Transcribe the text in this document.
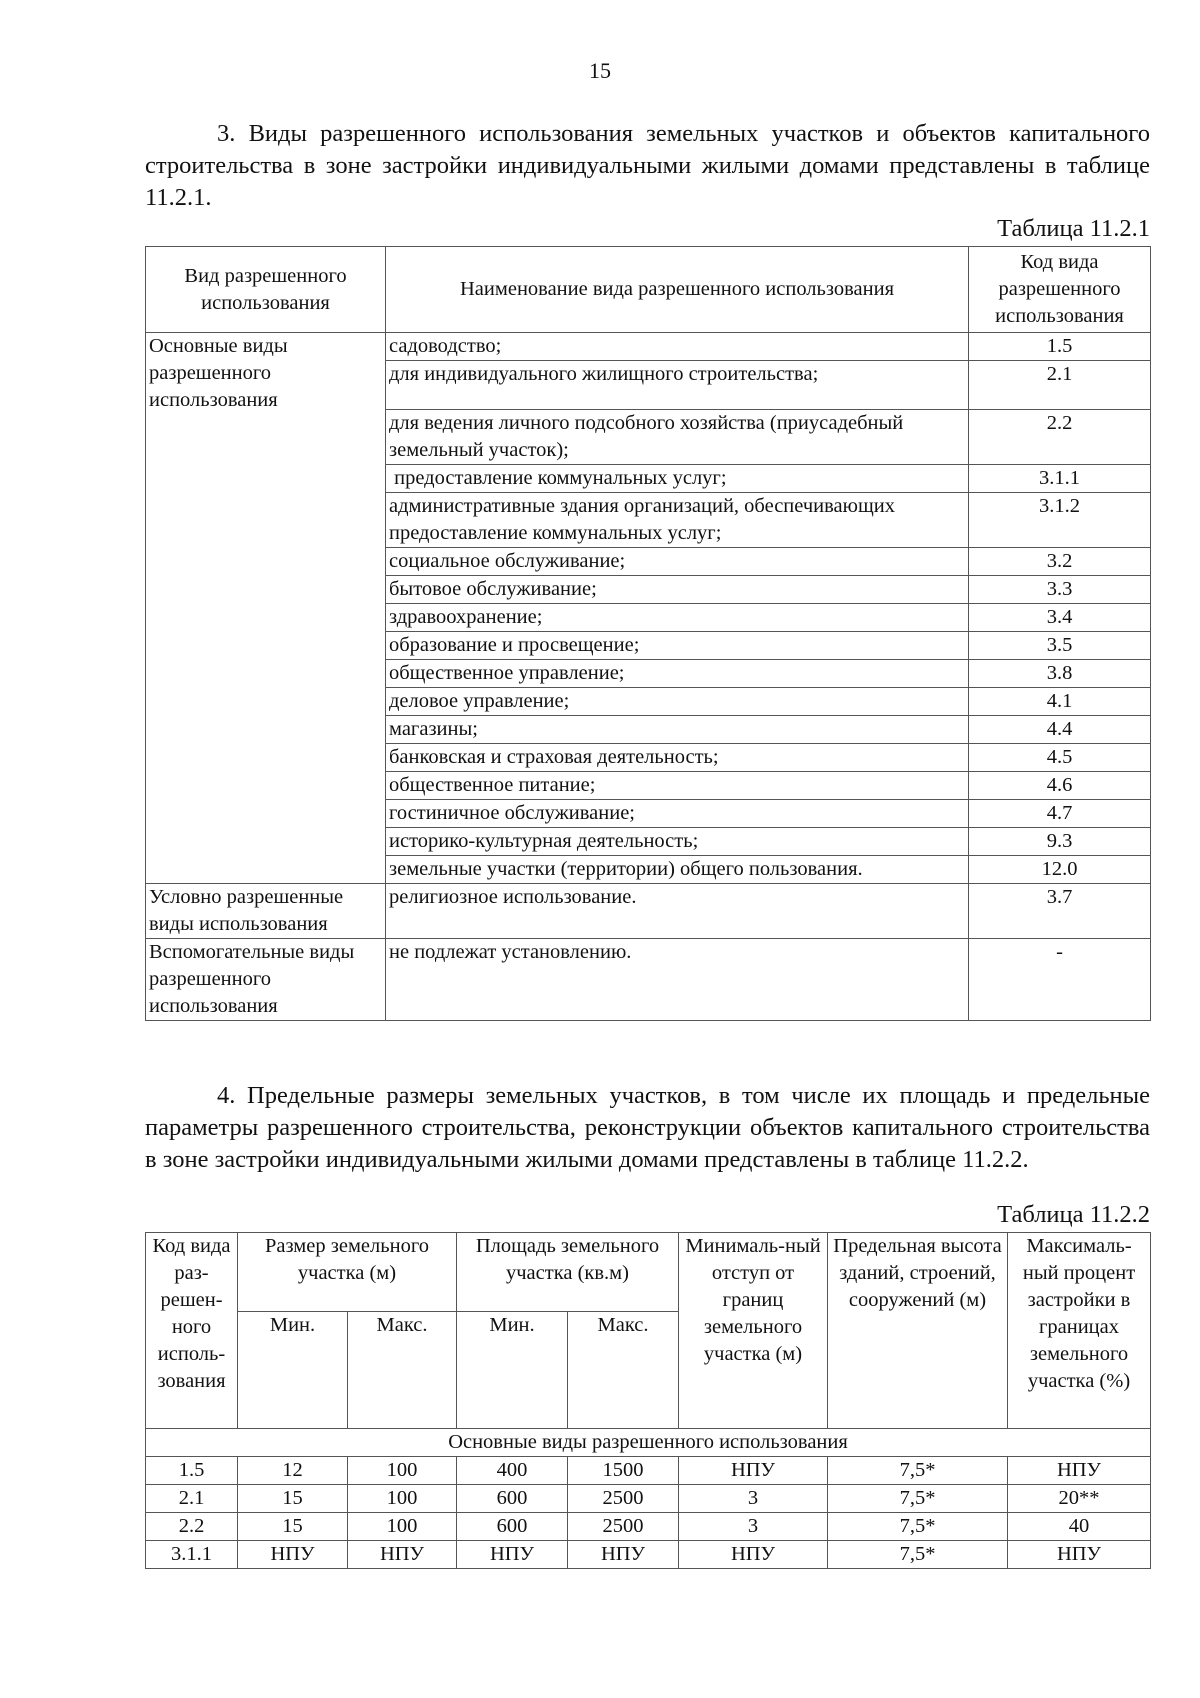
15
3. Виды разрешенного использования земельных участков и объектов капитального строительства в зоне застройки индивидуальными жилыми домами представлены в таблице 11.2.1.
Таблица 11.2.1
Вид разрешенного использования	Наименование вида разрешенного использования	Код вида разрешенного использования
Основные виды разрешенного использования	садоводство;	1.5
	для индивидуального жилищного строительства;	2.1
	для ведения личного подсобного хозяйства (приусадебный земельный участок);	2.2
	предоставление коммунальных услуг;	3.1.1
	административные здания организаций, обеспечивающих предоставление коммунальных услуг;	3.1.2
	социальное обслуживание;	3.2
	бытовое обслуживание;	3.3
	здравоохранение;	3.4
	образование и просвещение;	3.5
	общественное управление;	3.8
	деловое управление;	4.1
	магазины;	4.4
	банковская и страховая деятельность;	4.5
	общественное питание;	4.6
	гостиничное обслуживание;	4.7
	историко-культурная деятельность;	9.3
	земельные участки (территории) общего пользования.	12.0
Условно разрешенные виды использования	религиозное использование.	3.7
Вспомогательные виды разрешенного использования	не подлежат установлению.	-
4. Предельные размеры земельных участков, в том числе их площадь и предельные параметры разрешенного строительства, реконструкции объектов капитального строительства в зоне застройки индивидуальными жилыми домами представлены в таблице 11.2.2.
Таблица 11.2.2
Код вида раз-решен-ного исполь-зования	Размер земельного участка (м)		Площадь земельного участка (кв.м)		Минималь-ный отступ от границ земельного участка (м)	Предельная высота зданий, строений, сооружений (м)	Максималь-ный процент застройки в границах земельного участка (%)
	Мин.	Макс.	Мин.	Макс.			
Основные виды разрешенного использования							
1.5	12	100	400	1500	НПУ	7,5*	НПУ
2.1	15	100	600	2500	3	7,5*	20**
2.2	15	100	600	2500	3	7,5*	40
3.1.1	НПУ	НПУ	НПУ	НПУ	НПУ	7,5*	НПУ
